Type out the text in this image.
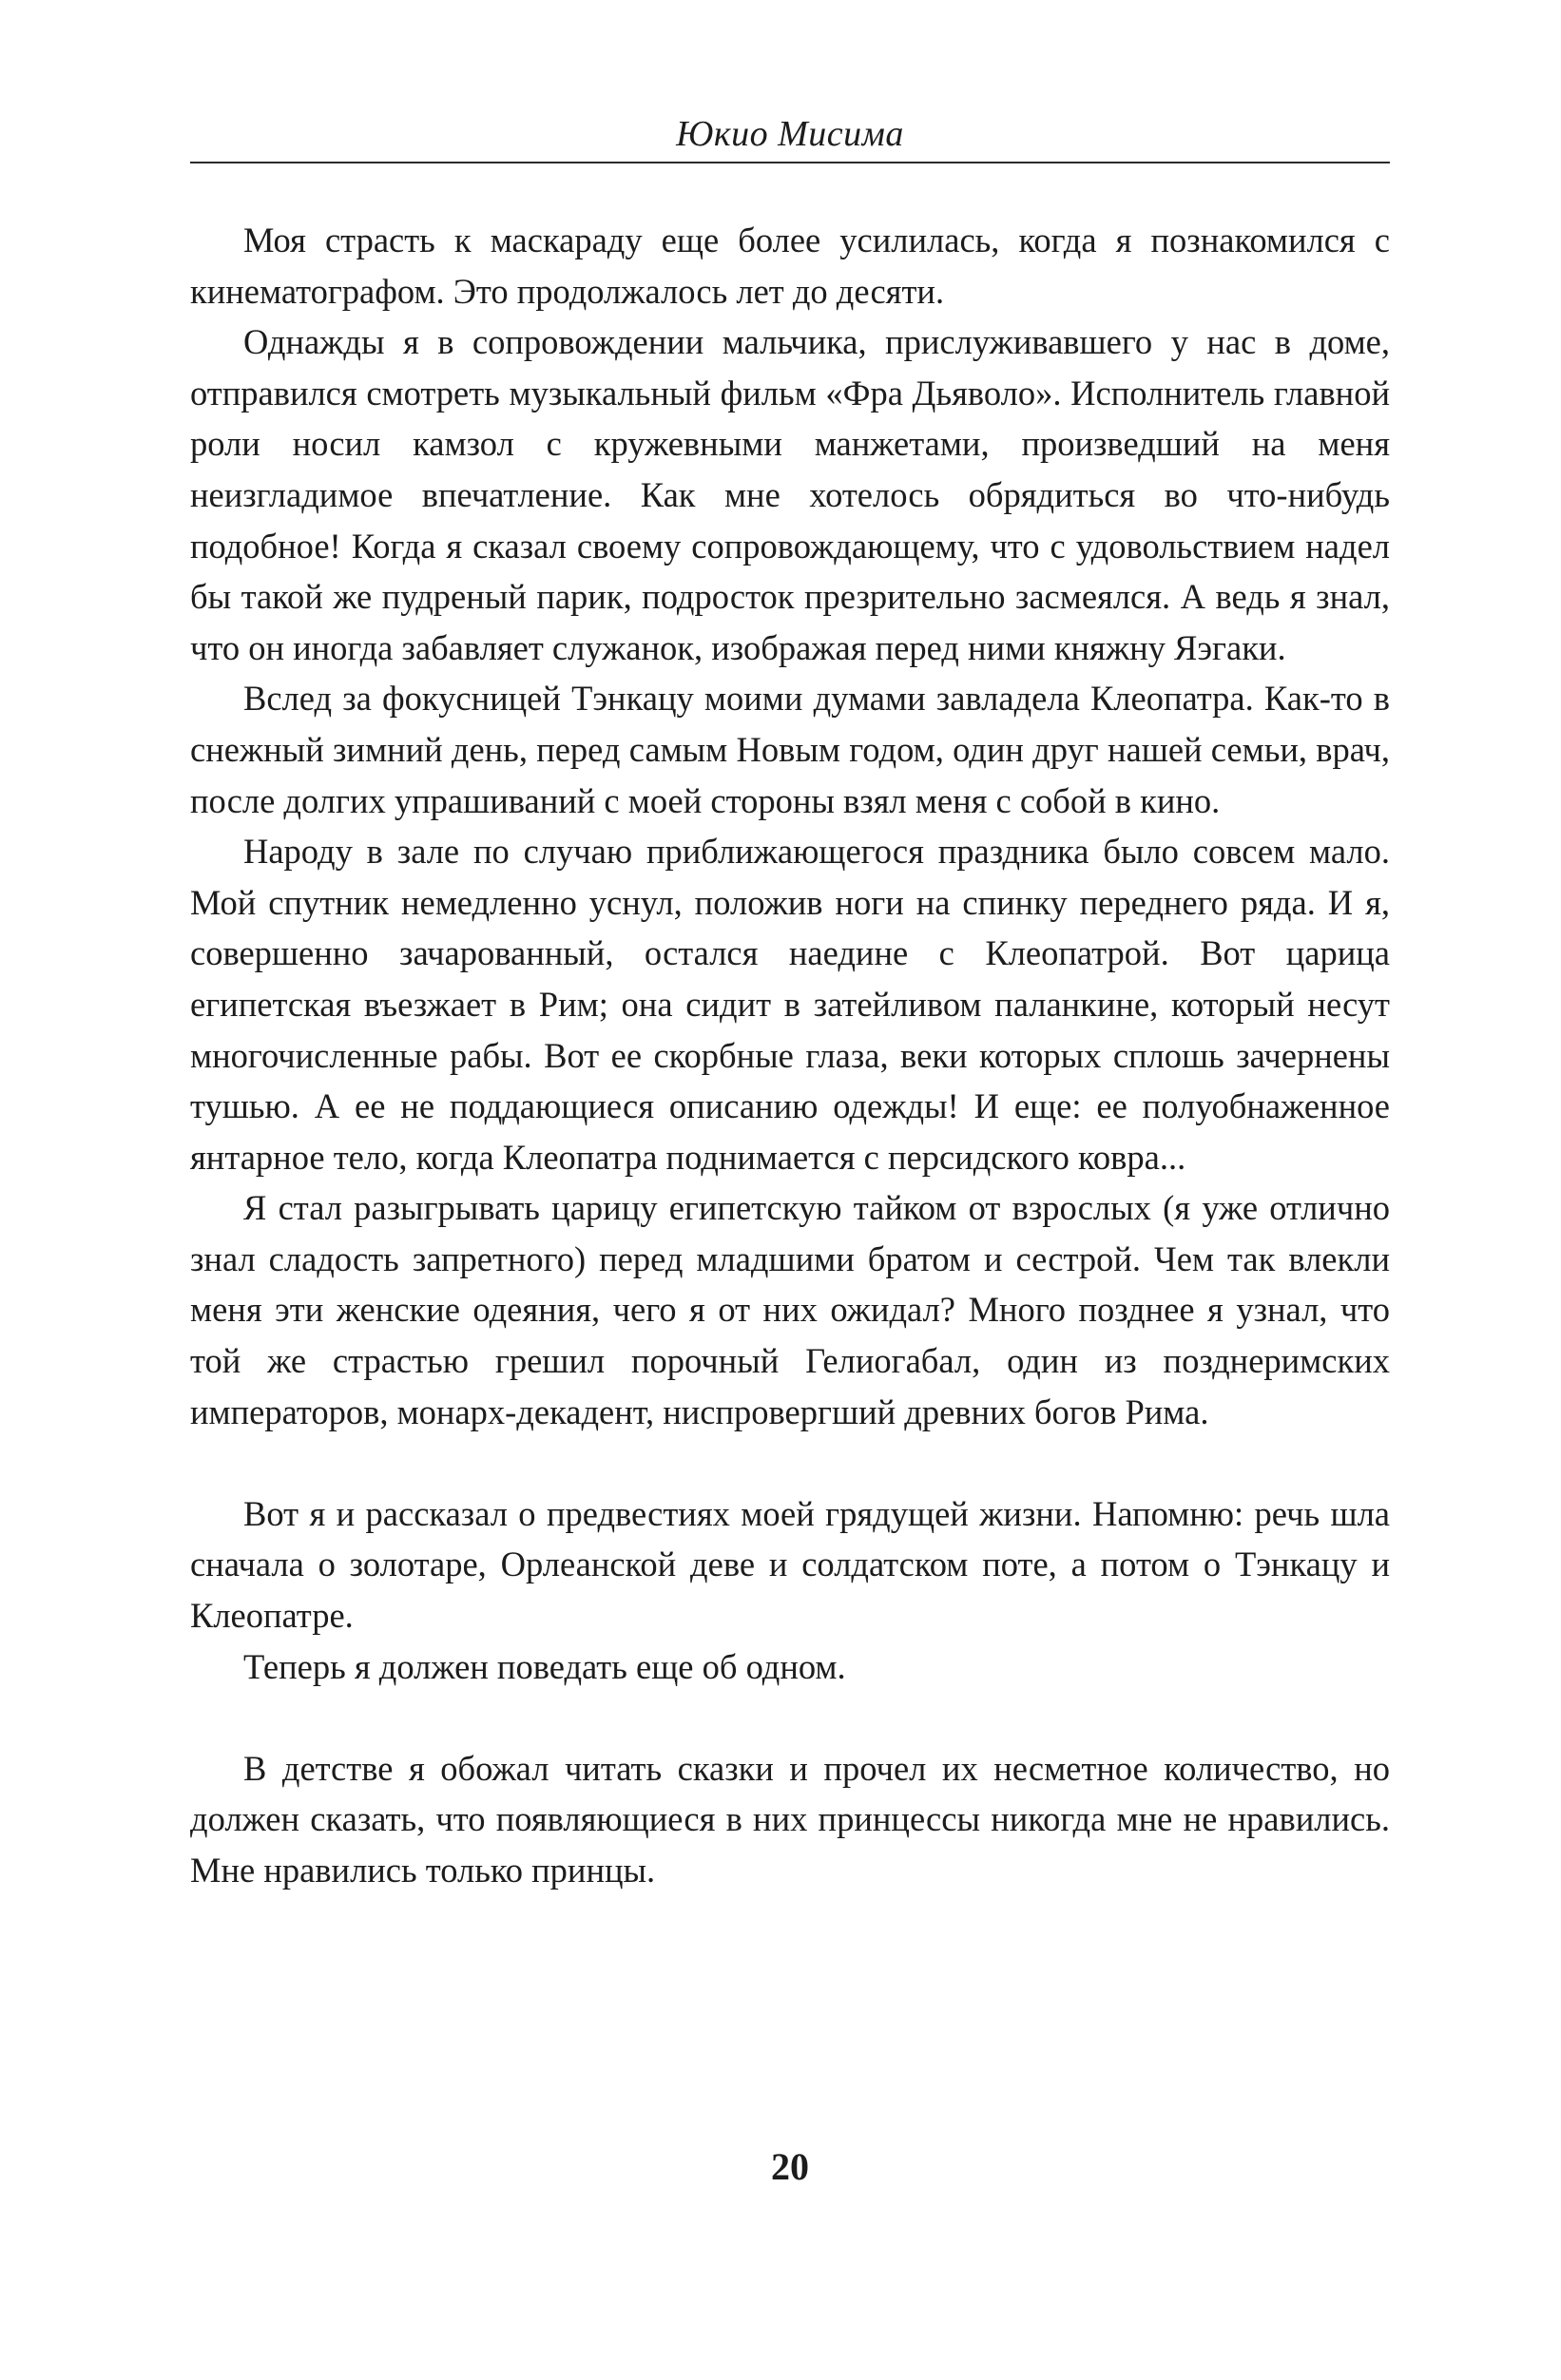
Юкио Мисима

Моя страсть к маскараду еще более усилилась, когда я познакомился с кинематографом. Это продолжалось лет до десяти.

Однажды я в сопровождении мальчика, прислуживавшего у нас в доме, отправился смотреть музыкальный фильм «Фра Дьяволо». Исполнитель главной роли носил камзол с кружевными манжетами, произведший на меня неизгладимое впечатление. Как мне хотелось обрядиться во что-нибудь подобное! Когда я сказал своему сопровождающему, что с удовольствием надел бы такой же пудреный парик, подросток презрительно засмеялся. А ведь я знал, что он иногда забавляет служанок, изображая перед ними княжну Яэгаки.

Вслед за фокусницей Тэнкацу моими думами завладела Клеопатра. Как-то в снежный зимний день, перед самым Новым годом, один друг нашей семьи, врач, после долгих упрашиваний с моей стороны взял меня с собой в кино.

Народу в зале по случаю приближающегося праздника было совсем мало. Мой спутник немедленно уснул, положив ноги на спинку переднего ряда. И я, совершенно зачарованный, остался наедине с Клеопатрой. Вот царица египетская въезжает в Рим; она сидит в затейливом паланкине, который несут многочисленные рабы. Вот ее скорбные глаза, веки которых сплошь зачернены тушью. А ее не поддающиеся описанию одежды! И еще: ее полуобнаженное янтарное тело, когда Клеопатра поднимается с персидского ковра...

Я стал разыгрывать царицу египетскую тайком от взрослых (я уже отлично знал сладость запретного) перед младшими братом и сестрой. Чем так влекли меня эти женские одеяния, чего я от них ожидал? Много позднее я узнал, что той же страстью грешил порочный Гелиогабал, один из позднеримских императоров, монарх-декадент, ниспровергший древних богов Рима.

Вот я и рассказал о предвестиях моей грядущей жизни. Напомню: речь шла сначала о золотаре, Орлеанской деве и солдатском поте, а потом о Тэнкацу и Клеопатре.

Теперь я должен поведать еще об одном.

В детстве я обожал читать сказки и прочел их несметное количество, но должен сказать, что появляющиеся в них принцессы никогда мне не нравились. Мне нравились только принцы.

20
